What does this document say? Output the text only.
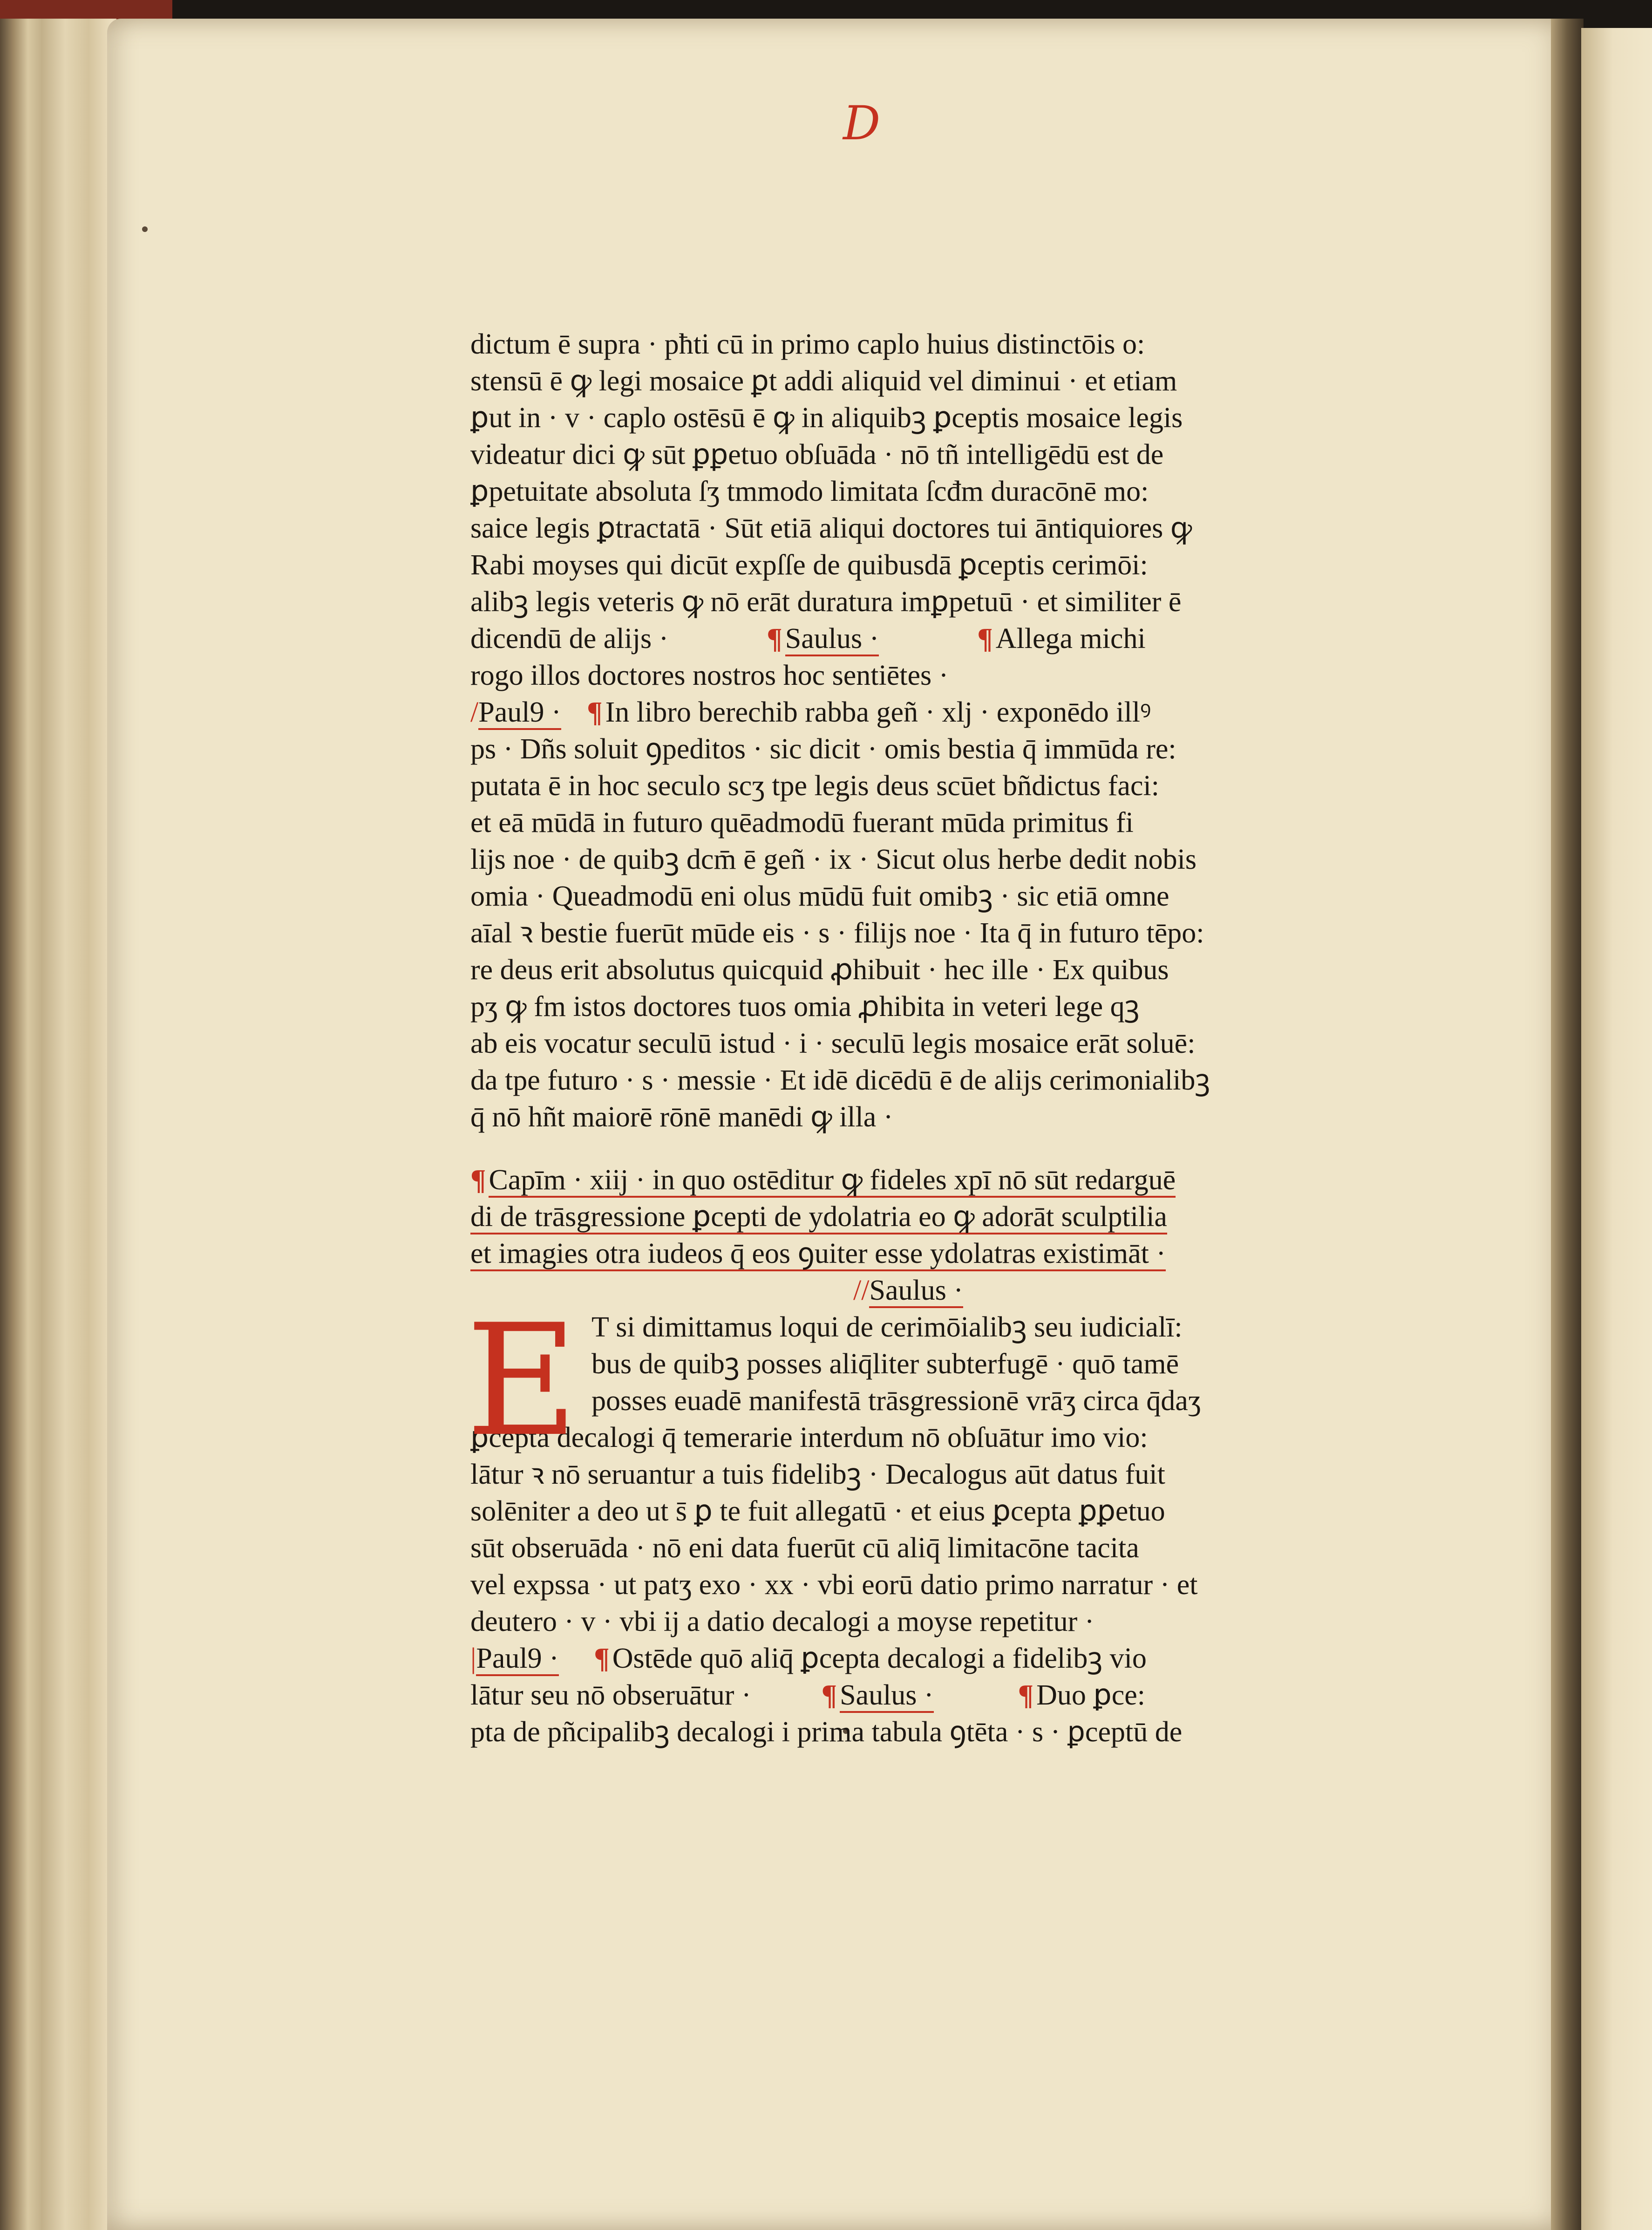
D
dictum ē supra · pħti cū in primo caplo huius distinctōis o:
stensū ē ꝙ legi mosaice ꝑt addi aliquid vel diminui · et etiam
ꝑut in · v · caplo ostēsū ē ꝙ in aliquibꝫ ꝑceptis mosaice legis
videatur dici ꝙ sūt ꝑꝑetuo obſuāda · nō tñ intelligēdū est de
ꝑpetuitate absoluta ſʒ tmmodo limitata ſcđm duracōnē mo:
saice legis ꝑtractatā · Sūt etiā aliqui doctores tui āntiquiores ꝙ
Rabi moyses qui dicūt expſſe de quibusdā ꝑceptis cerimōi:
alibꝫ legis veteris ꝙ nō erāt duratura imꝑpetuū · et similiter ē
dicendū de alijs ·	¶Saulus ·	¶Allega michi
rogo illos doctores nostros hoc sentiētes ·
/Paul9 · ¶In libro berechib rabba geñ · xlj · exponēdo illꝰ
ps · Dñs soluit ꝯpeditos · sic dicit · omis bestia q̄ immūda re:
putata ē in hoc seculo scʒ tpe legis deus scūet bñdictus faci:
et eā mūdā in futuro quēadmodū fuerant mūda primitus fi
lijs noe · de quibꝫ dcm̄ ē geñ · ix · Sicut olus herbe dedit nobis
omia · Queadmodū eni olus mūdū fuit omibꝫ · sic etiā omne
aīal ꝛ bestie fuerūt mūde eis · s · filijs noe · Ita q̄ in futuro tēpo:
re deus erit absolutus quicquid ꝓhibuit · hec ille · Ex quibus
pʒ ꝙ fm istos doctores tuos omia ꝓhibita in veteri lege qꝫ
ab eis vocatur seculū istud · i · seculū legis mosaice erāt soluē:
da tpe futuro · s · messie · Et idē dicēdū ē de alijs cerimonialibꝫ
q̄ nō hñt maiorē rōnē manēdi ꝙ illa ·
¶Capīm · xiij · in quo ostēditur ꝙ fideles xpī nō sūt redarguē
di de trāsgressione ꝑcepti de ydolatria eo ꝙ adorāt sculptilia
et imagies otra iudeos q̄ eos ꝯuiter esse ydolatras existimāt ·
//Saulus ·
E T si dimittamus loqui de cerimōialibꝫ seu iudicialī:
bus de quibꝫ posses aliq̄liter subterfugē · quō tamē
posses euadē manifestā trāsgressionē vrāʒ circa q̄daʒ
ꝑcepta decalogi q̄ temerarie interdum nō obſuātur imo vio:
lātur ꝛ nō seruantur a tuis fidelibꝫ · Decalogus aūt datus fuit
solēniter a deo ut s̄ ꝑ te fuit allegatū · et eius ꝑcepta ꝑꝑetuo
sūt obseruāda · nō eni data fuerūt cū aliq̄ limitacōne tacita
vel expssa · ut patʒ exo · xx · vbi eorū datio primo narratur · et
deutero · v · vbi ij a datio decalogi a moyse repetitur ·
|Paul9 · ¶Ostēde quō aliq̄ ꝑcepta decalogi a fidelibꝫ vio
lātur seu nō obseruātur · ¶Saulus ·	¶Duo ꝑce:
pta de pñcipalibꝫ decalogi i prima tabula ꝯtēta · s · ꝑceptū de
